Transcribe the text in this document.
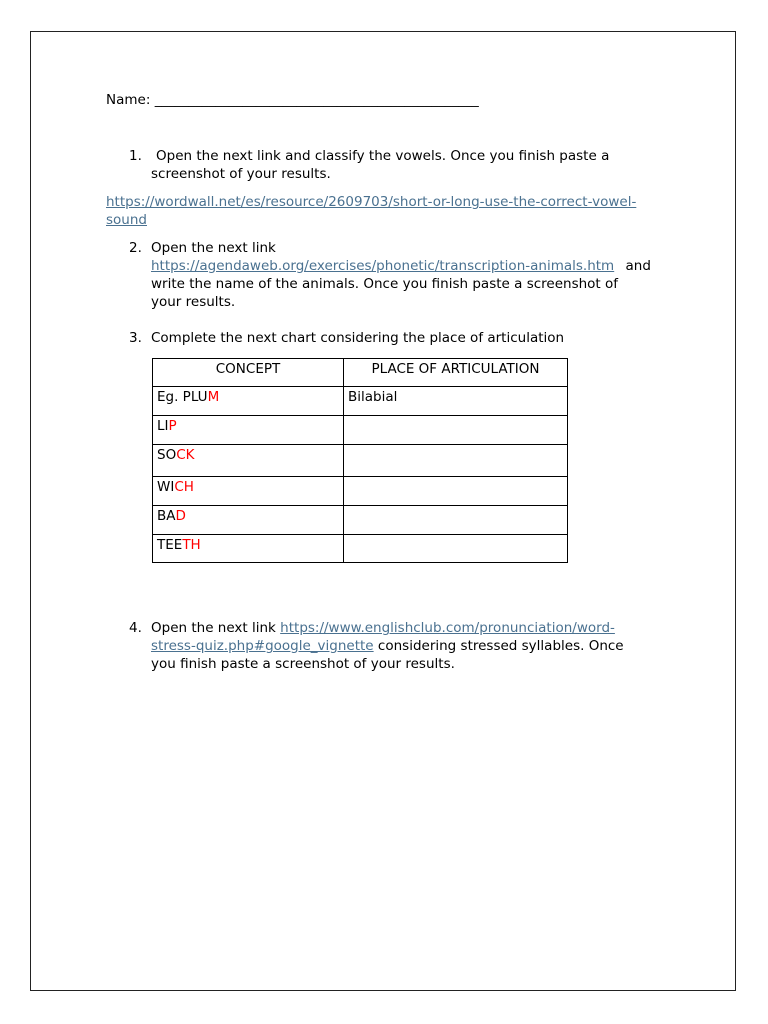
Name: ________________________________________________
1. Open the next link and classify the vowels. Once you finish paste a
screenshot of your results.
https://wordwall.net/es/resource/2609703/short-or-long-use-the-correct-vowel-
sound
2. Open the next link
https://agendaweb.org/exercises/phonetic/transcription-animals.htm and
write the name of the animals. Once you finish paste a screenshot of
your results.
3. Complete the next chart considering the place of articulation
CONCEPT	PLACE OF ARTICULATION
Eg. PLUM	Bilabial
LIP	
SOCK	
WICH	
BAD	
TEETH	
4. Open the next link https://www.englishclub.com/pronunciation/word-
stress-quiz.php#google_vignette considering stressed syllables. Once
you finish paste a screenshot of your results.
